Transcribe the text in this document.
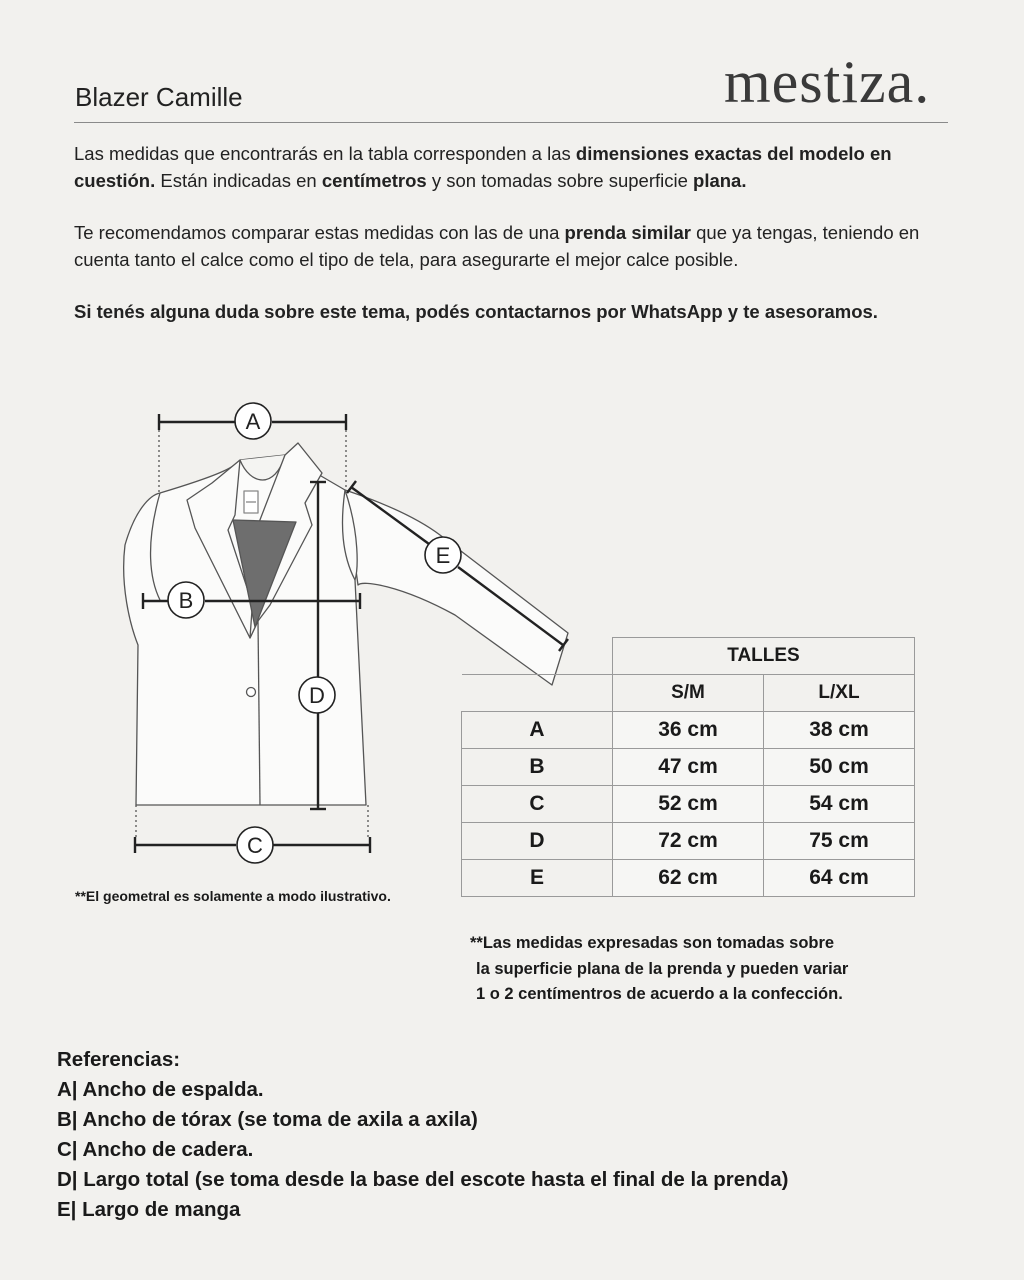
Blazer Camille	mestiza.
Las medidas que encontrarás en la tabla corresponden a las dimensiones exactas del modelo en cuestión. Están indicadas en centímetros y son tomadas sobre superficie plana.
Te recomendamos comparar estas medidas con las de una prenda similar que ya tengas, teniendo en cuenta tanto el calce como el tipo de tela, para asegurarte el mejor calce posible.
Si tenés alguna duda sobre este tema, podés contactarnos por WhatsApp y te asesoramos.
A
B
D
E
C
**El geometral es solamente a modo ilustrativo.
	TALLES	
	S/M	L/XL
A	36 cm	38 cm
B	47 cm	50 cm
C	52 cm	54 cm
D	72 cm	75 cm
E	62 cm	64 cm
**Las medidas expresadas son tomadas sobre
la superficie plana de la prenda y pueden variar
1 o 2 centímentros de acuerdo a la confección.
Referencias:
A| Ancho de espalda.
B| Ancho de tórax (se toma de axila a axila)
C| Ancho de cadera.
D| Largo total (se toma desde la base del escote hasta el final de la prenda)
E| Largo de manga
